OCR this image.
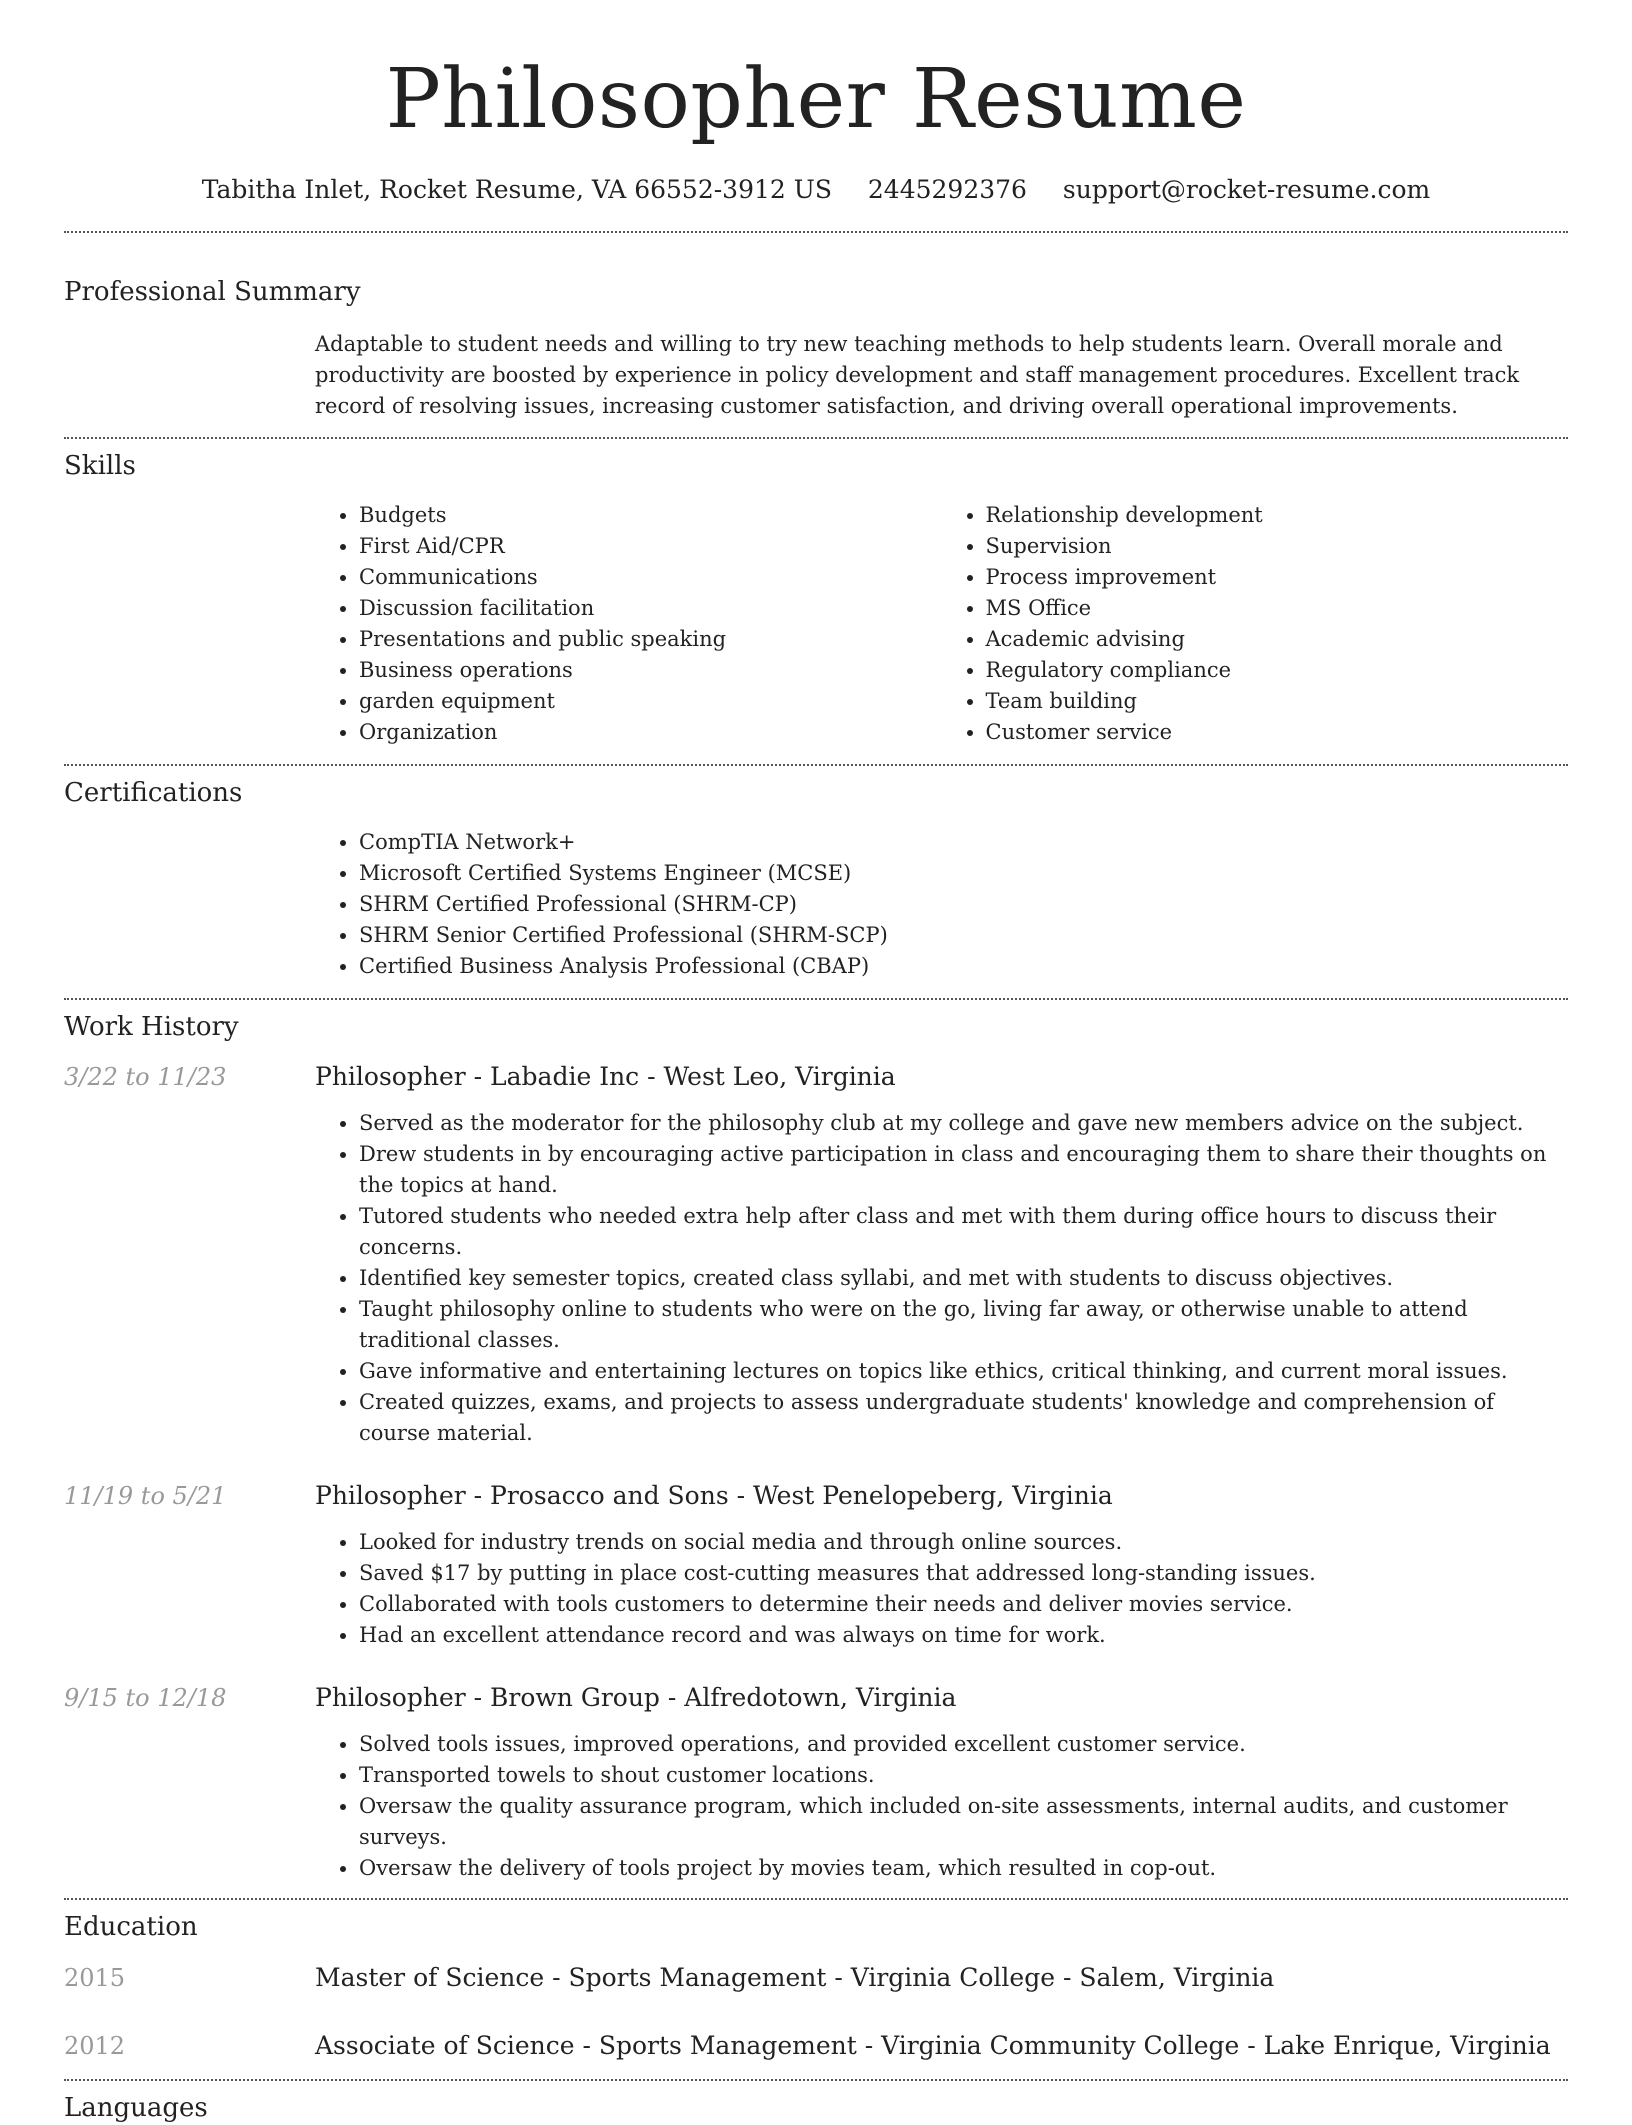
Philosopher Resume
Tabitha Inlet, Rocket Resume, VA 66552-3912 US 2445292376 support@rocket-resume.com
Professional Summary
Adaptable to student needs and willing to try new teaching methods to help students learn. Overall morale and productivity are boosted by experience in policy development and staff management procedures. Excellent track record of resolving issues, increasing customer satisfaction, and driving overall operational improvements.
Skills
• Budgets
• First Aid/CPR
• Communications
• Discussion facilitation
• Presentations and public speaking
• Business operations
• garden equipment
• Organization
• Relationship development
• Supervision
• Process improvement
• MS Office
• Academic advising
• Regulatory compliance
• Team building
• Customer service
Certifications
• CompTIA Network+
• Microsoft Certified Systems Engineer (MCSE)
• SHRM Certified Professional (SHRM-CP)
• SHRM Senior Certified Professional (SHRM-SCP)
• Certified Business Analysis Professional (CBAP)
Work History
3/22 to 11/23	Philosopher - Labadie Inc - West Leo, Virginia
• Served as the moderator for the philosophy club at my college and gave new members advice on the subject.
• Drew students in by encouraging active participation in class and encouraging them to share their thoughts on the topics at hand.
• Tutored students who needed extra help after class and met with them during office hours to discuss their concerns.
• Identified key semester topics, created class syllabi, and met with students to discuss objectives.
• Taught philosophy online to students who were on the go, living far away, or otherwise unable to attend traditional classes.
• Gave informative and entertaining lectures on topics like ethics, critical thinking, and current moral issues.
• Created quizzes, exams, and projects to assess undergraduate students' knowledge and comprehension of course material.
11/19 to 5/21	Philosopher - Prosacco and Sons - West Penelopeberg, Virginia
• Looked for industry trends on social media and through online sources.
• Saved $17 by putting in place cost-cutting measures that addressed long-standing issues.
• Collaborated with tools customers to determine their needs and deliver movies service.
• Had an excellent attendance record and was always on time for work.
9/15 to 12/18	Philosopher - Brown Group - Alfredotown, Virginia
• Solved tools issues, improved operations, and provided excellent customer service.
• Transported towels to shout customer locations.
• Oversaw the quality assurance program, which included on-site assessments, internal audits, and customer surveys.
• Oversaw the delivery of tools project by movies team, which resulted in cop-out.
Education
2015	Master of Science - Sports Management - Virginia College - Salem, Virginia
2012	Associate of Science - Sports Management - Virginia Community College - Lake Enrique, Virginia
Languages
